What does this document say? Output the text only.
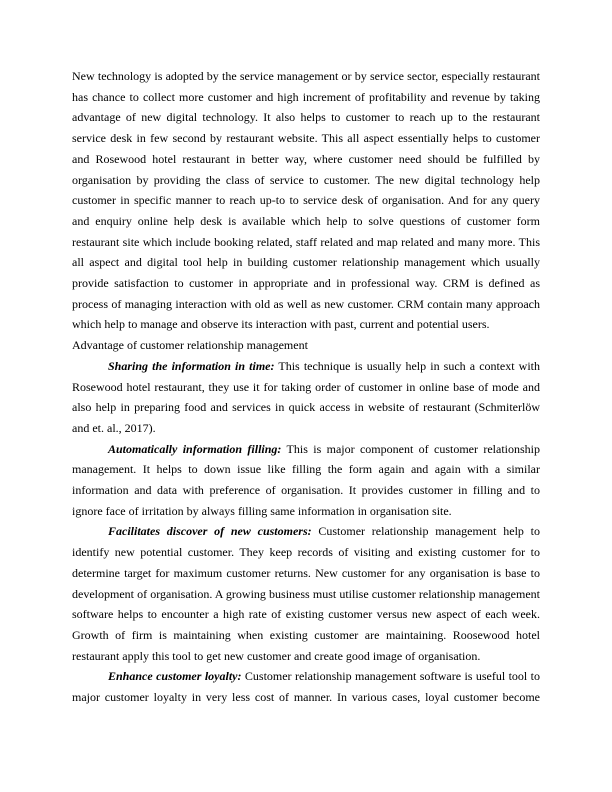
New technology is adopted by the service management or by service sector, especially restaurant has chance to collect more customer and high increment of profitability and revenue by taking advantage of new digital technology. It also helps to customer to reach up to the restaurant service desk in few second by restaurant website. This all aspect essentially helps to customer and Rosewood hotel restaurant in better way, where customer need should be fulfilled by organisation by providing the class of service to customer. The new digital technology help customer in specific manner to reach up-to to service desk of organisation. And for any query and enquiry online help desk is available which help to solve questions of customer form restaurant site which include booking related, staff related and map related and many more. This all aspect and digital tool help in building customer relationship management which usually provide satisfaction to customer in appropriate and in professional way. CRM is defined as process of managing interaction with old as well as new customer. CRM contain many approach which help to manage and observe its interaction with past, current and potential users.

Advantage of customer relationship management

Sharing the information in time: This technique is usually help in such a context with Rosewood hotel restaurant, they use it for taking order of customer in online base of mode and also help in preparing food and services in quick access in website of restaurant (Schmiterlöw and et. al., 2017).

Automatically information filling: This is major component of customer relationship management. It helps to down issue like filling the form again and again with a similar information and data with preference of organisation. It provides customer in filling and to ignore face of irritation by always filling same information in organisation site.

Facilitates discover of new customers: Customer relationship management help to identify new potential customer. They keep records of visiting and existing customer for to determine target for maximum customer returns. New customer for any organisation is base to development of organisation. A growing business must utilise customer relationship management software helps to encounter a high rate of existing customer versus new aspect of each week. Growth of firm is maintaining when existing customer are maintaining. Roosewood hotel restaurant apply this tool to get new customer and create good image of organisation.

Enhance customer loyalty: Customer relationship management software is useful tool to major customer loyalty in very less cost of manner. In various cases, loyal customer become
